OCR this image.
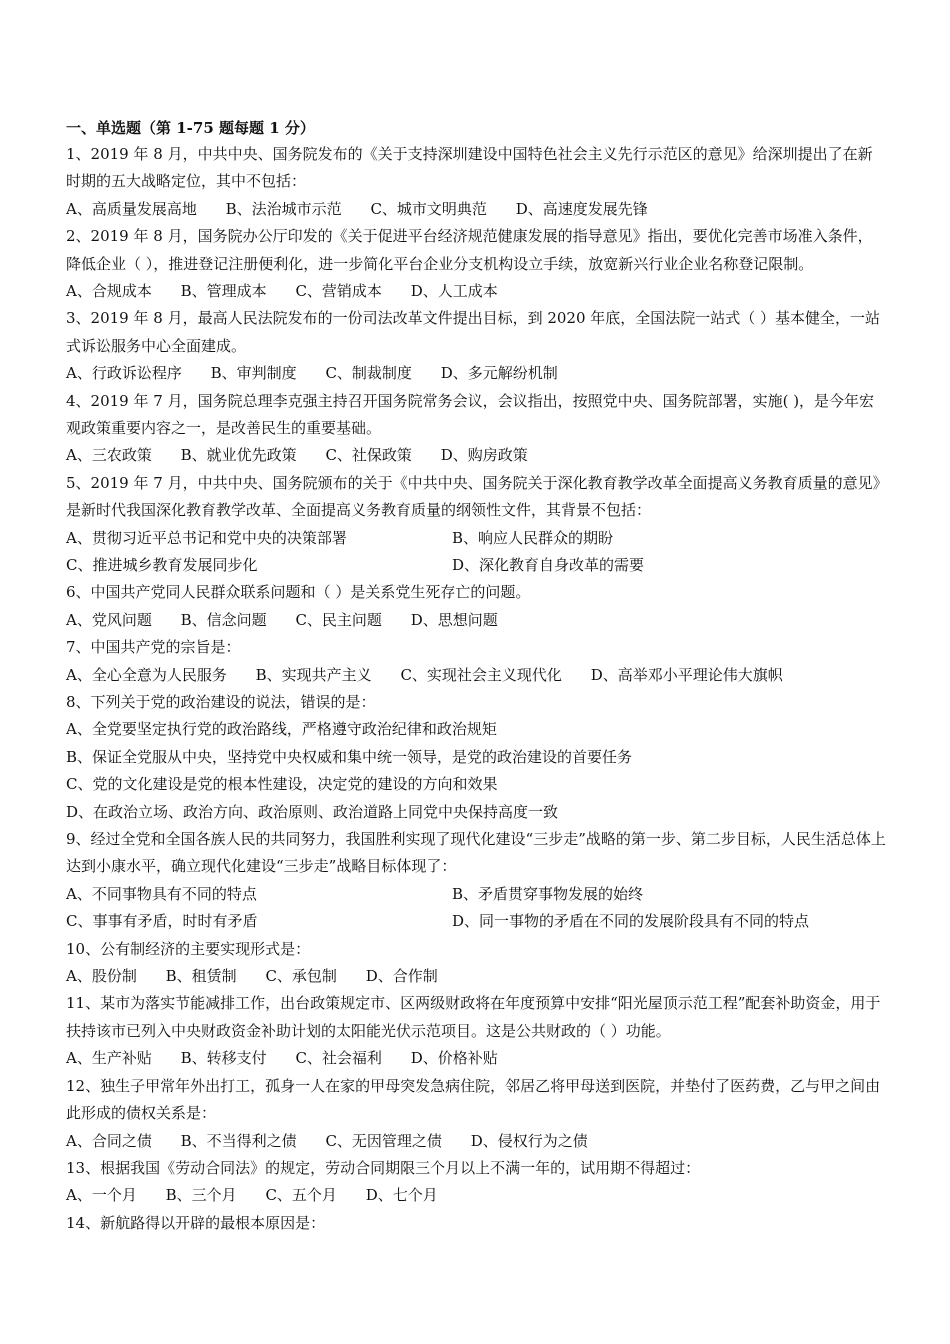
一、单选题（第 1-75 题每题 1 分）

1、2019 年 8 月，中共中央、国务院发布的《关于支持深圳建设中国特色社会主义先行示范区的意见》给深圳提出了在新时期的五大战略定位，其中不包括：

A、高质量发展高地 B、法治城市示范 C、城市文明典范 D、高速度发展先锋

2、2019 年 8 月，国务院办公厅印发的《关于促进平台经济规范健康发展的指导意见》指出，要优化完善市场准入条件，降低企业（ ），推进登记注册便利化，进一步简化平台企业分支机构设立手续，放宽新兴行业企业名称登记限制。

A、合规成本 B、管理成本 C、营销成本 D、人工成本

3、2019 年 8 月，最高人民法院发布的一份司法改革文件提出目标，到 2020 年底，全国法院一站式（ ）基本健全，一站式诉讼服务中心全面建成。

A、行政诉讼程序 B、审判制度 C、制裁制度 D、多元解纷机制

4、2019 年 7 月，国务院总理李克强主持召开国务院常务会议，会议指出，按照党中央、国务院部署，实施( )，是今年宏观政策重要内容之一，是改善民生的重要基础。

A、三农政策 B、就业优先政策 C、社保政策 D、购房政策

5、2019 年 7 月，中共中央、国务院颁布的关于《中共中央、国务院关于深化教育教学改革全面提高义务教育质量的意见》是新时代我国深化教育教学改革、全面提高义务教育质量的纲领性文件，其背景不包括：

A、贯彻习近平总书记和党中央的决策部署	B、响应人民群众的期盼
C、推进城乡教育发展同步化	D、深化教育自身改革的需要

6、中国共产党同人民群众联系问题和（ ）是关系党生死存亡的问题。

A、党风问题 B、信念问题 C、民主问题 D、思想问题

7、中国共产党的宗旨是：

A、全心全意为人民服务 B、实现共产主义 C、实现社会主义现代化 D、高举邓小平理论伟大旗帜

8、下列关于党的政治建设的说法，错误的是：

A、全党要坚定执行党的政治路线，严格遵守政治纪律和政治规矩
B、保证全党服从中央，坚持党中央权威和集中统一领导，是党的政治建设的首要任务
C、党的文化建设是党的根本性建设，决定党的建设的方向和效果
D、在政治立场、政治方向、政治原则、政治道路上同党中央保持高度一致

9、经过全党和全国各族人民的共同努力，我国胜利实现了现代化建设“三步走”战略的第一步、第二步目标，人民生活总体上达到小康水平，确立现代化建设“三步走”战略目标体现了：

A、不同事物具有不同的特点	B、矛盾贯穿事物发展的始终
C、事事有矛盾，时时有矛盾	D、同一事物的矛盾在不同的发展阶段具有不同的特点

10、公有制经济的主要实现形式是：

A、股份制 B、租赁制 C、承包制 D、合作制

11、某市为落实节能减排工作，出台政策规定市、区两级财政将在年度预算中安排“阳光屋顶示范工程”配套补助资金，用于扶持该市已列入中央财政资金补助计划的太阳能光伏示范项目。这是公共财政的（ ）功能。

A、生产补贴 B、转移支付 C、社会福利 D、价格补贴

12、独生子甲常年外出打工，孤身一人在家的甲母突发急病住院，邻居乙将甲母送到医院，并垫付了医药费，乙与甲之间由此形成的债权关系是：

A、合同之债 B、不当得利之债 C、无因管理之债 D、侵权行为之债

13、根据我国《劳动合同法》的规定，劳动合同期限三个月以上不满一年的，试用期不得超过：

A、一个月 B、三个月 C、五个月 D、七个月

14、新航路得以开辟的最根本原因是：
